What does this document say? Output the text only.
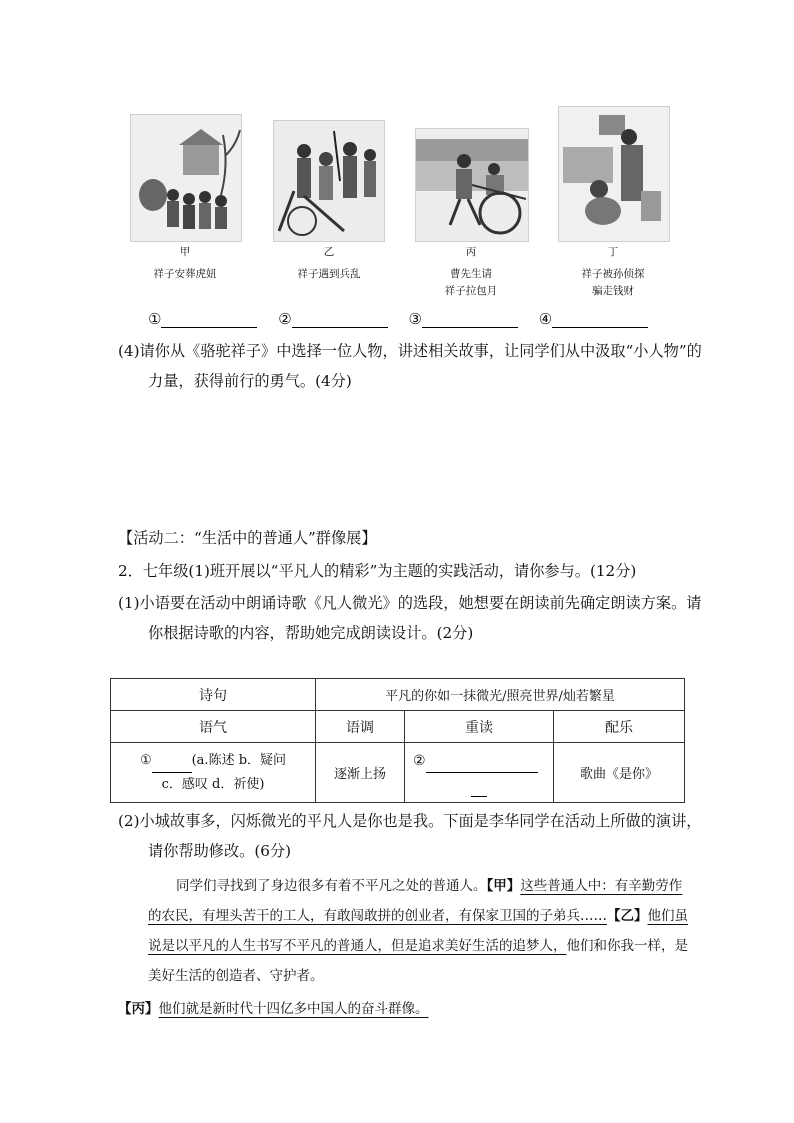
甲
祥子安葬虎妞
乙
祥子遇到兵乱
丙
曹先生请
祥子拉包月
丁
祥子被孙侦探
骗走钱财
①	②	③	④
(4)请你从《骆驼祥子》中选择一位人物，讲述相关故事，让同学们从中汲取“小人物”的力量，获得前行的勇气。(4分)
【活动二：“生活中的普通人”群像展】
2．七年级(1)班开展以“平凡人的精彩”为主题的实践活动，请你参与。(12分)
(1)小语要在活动中朗诵诗歌《凡人微光》的选段，她想要在朗读前先确定朗读方案。请你根据诗歌的内容，帮助她完成朗读设计。(2分)
诗句	平凡的你如一抹微光/照亮世界/灿若繁星		
语气	语调	重读	配乐

① (a.陈述 b．疑问
c．感叹 d．祈使)	逐渐上扬	②	歌曲《是你》
(2)小城故事多，闪烁微光的平凡人是你也是我。下面是李华同学在活动上所做的演讲，请你帮助修改。(6分)
同学们寻找到了身边很多有着不平凡之处的普通人。【甲】这些普通人中：有辛勤劳作的农民，有埋头苦干的工人，有敢闯敢拼的创业者，有保家卫国的子弟兵……【乙】他们虽说是以平凡的人生书写不平凡的普通人，但是追求美好生活的追梦人，他们和你我一样，是美好生活的创造者、守护者。
【丙】他们就是新时代十四亿多中国人的奋斗群像。
